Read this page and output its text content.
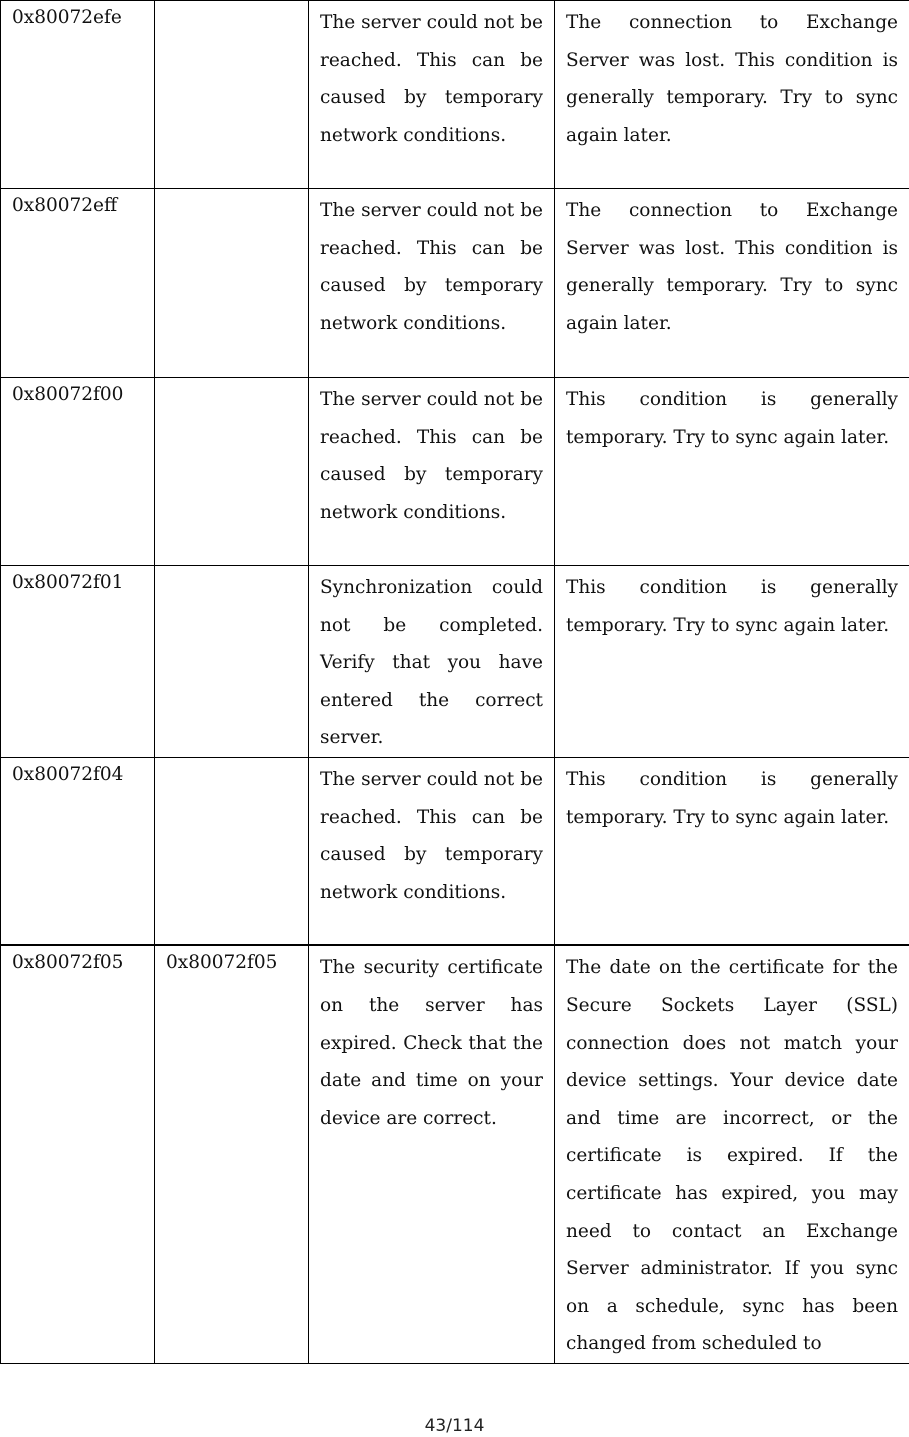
0x80072efe		The server could not be reached. This can be caused by temporary network conditions.	The connection to Exchange Server was lost. This condition is generally temporary. Try to sync again later.
0x80072eff		The server could not be reached. This can be caused by temporary network conditions.	The connection to Exchange Server was lost. This condition is generally temporary. Try to sync again later.
0x80072f00		The server could not be reached. This can be caused by temporary network conditions.	This condition is generally temporary. Try to sync again later.
0x80072f01		Synchronization could not be completed. Verify that you have entered the correct server.	This condition is generally temporary. Try to sync again later.
0x80072f04		The server could not be reached. This can be caused by temporary network conditions.	This condition is generally temporary. Try to sync again later.
0x80072f05	0x80072f05	The security certificate on the server has expired. Check that the date and time on your device are correct.	The date on the certificate for the Secure Sockets Layer (SSL) connection does not match your device settings. Your device date and time are incorrect, or the certificate is expired. If the certificate has expired, you may need to contact an Exchange Server administrator. If you sync on a schedule, sync has been changed from scheduled to
43/114
